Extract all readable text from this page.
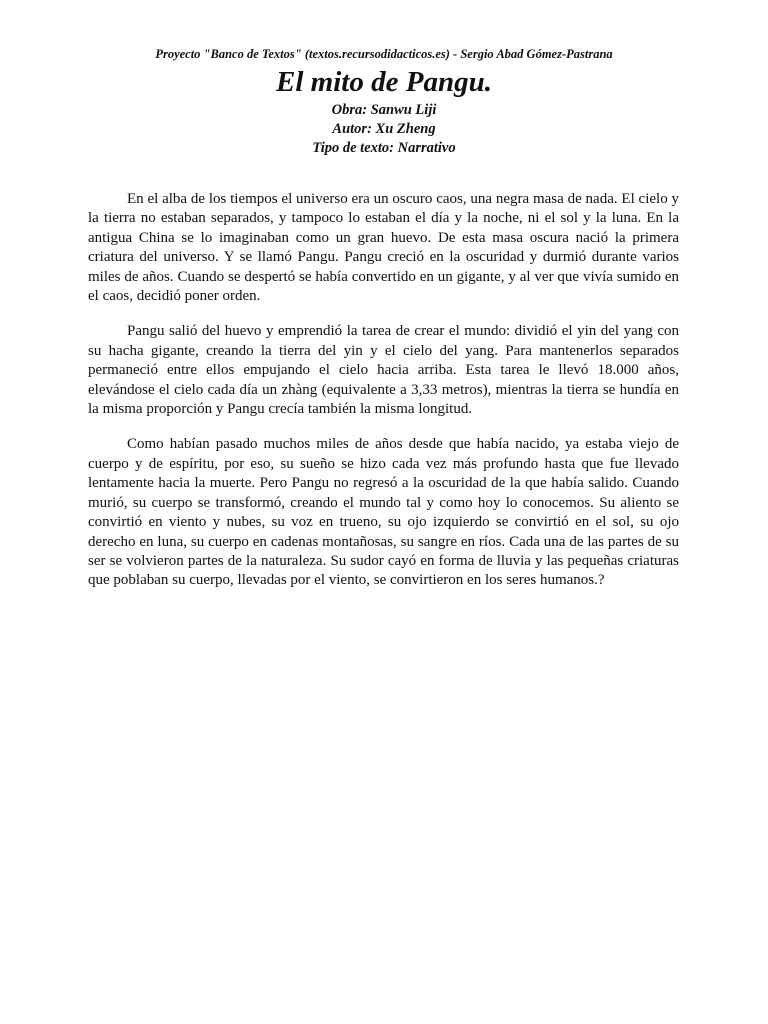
Proyecto "Banco de Textos" (textos.recursodidacticos.es) - Sergio Abad Gómez-Pastrana
El mito de Pangu.
Obra: Sanwu Liji
Autor: Xu Zheng
Tipo de texto: Narrativo

En el alba de los tiempos el universo era un oscuro caos, una negra masa de nada. El cielo y la tierra no estaban separados, y tampoco lo estaban el día y la noche, ni el sol y la luna. En la antigua China se lo imaginaban como un gran huevo. De esta masa oscura nació la primera criatura del universo. Y se llamó Pangu. Pangu creció en la oscuridad y durmió durante varios miles de años. Cuando se despertó se había convertido en un gigante, y al ver que vivía sumido en el caos, decidió poner orden.

Pangu salió del huevo y emprendió la tarea de crear el mundo: dividió el yin del yang con su hacha gigante, creando la tierra del yin y el cielo del yang. Para mantenerlos separados permaneció entre ellos empujando el cielo hacia arriba. Esta tarea le llevó 18.000 años, elevándose el cielo cada día un zhàng (equivalente a 3,33 metros), mientras la tierra se hundía en la misma proporción y Pangu crecía también la misma longitud.

Como habían pasado muchos miles de años desde que había nacido, ya estaba viejo de cuerpo y de espíritu, por eso, su sueño se hizo cada vez más profundo hasta que fue llevado lentamente hacia la muerte. Pero Pangu no regresó a la oscuridad de la que había salido. Cuando murió, su cuerpo se transformó, creando el mundo tal y como hoy lo conocemos. Su aliento se convirtió en viento y nubes, su voz en trueno, su ojo izquierdo se convirtió en el sol, su ojo derecho en luna, su cuerpo en cadenas montañosas, su sangre en ríos. Cada una de las partes de su ser se volvieron partes de la naturaleza. Su sudor cayó en forma de lluvia y las pequeñas criaturas que poblaban su cuerpo, llevadas por el viento, se convirtieron en los seres humanos.?
